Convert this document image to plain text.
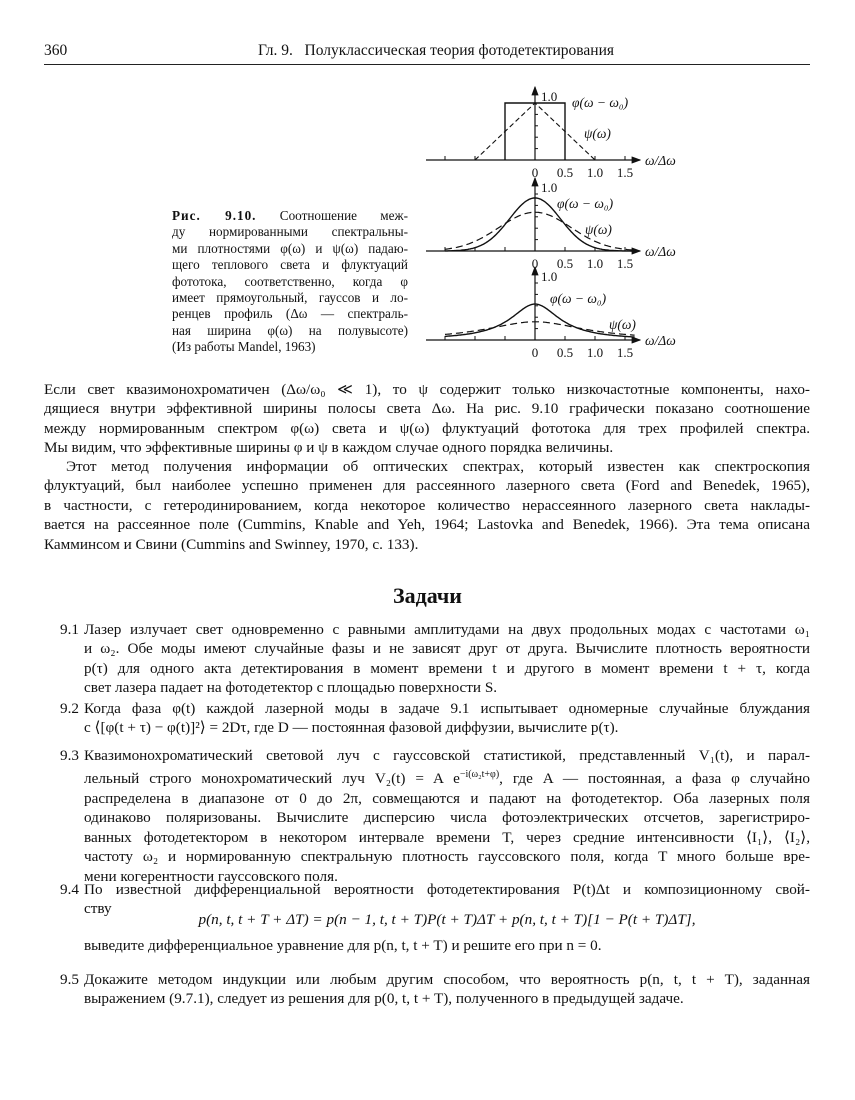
360	Гл. 9.   Полуклассическая теория фотодетектирования
0 0.5 1.0 1.5
1.0
ω/Δω
φ(ω − ω₀)
ψ(ω)
0 0.5 1.0 1.5
1.0
ω/Δω
φ(ω − ω₀)
ψ(ω)
0 0.5 1.0 1.5
1.0
ω/Δω
φ(ω − ω₀)
ψ(ω)
Рис. 9.10. Соотношение меж-
ду нормированными спектральны-
ми плотностями φ(ω) и ψ(ω) падаю-
щего теплового света и флуктуаций
фототока, соответственно, когда φ
имеет прямоугольный, гауссов и ло-
ренцев профиль (Δω — спектраль-
ная ширина φ(ω) на полувысоте)
(Из работы Mandel, 1963)
Если свет квазимонохроматичен (Δω/ω₀ ≪ 1), то ψ содержит только низкочастотные компоненты, нахо-
дящиеся внутри эффективной ширины полосы света Δω. На рис. 9.10 графически показано соотношение
между нормированным спектром φ(ω) света и ψ(ω) флуктуаций фототока для трех профилей спектра.
Мы видим, что эффективные ширины φ и ψ в каждом случае одного порядка величины.
Этот метод получения информации об оптических спектрах, который известен как спектроскопия
флуктуаций, был наиболее успешно применен для рассеянного лазерного света (Ford and Benedek, 1965),
в частности, с гетеродинированием, когда некоторое количество нерассеянного лазерного света наклады-
вается на рассеянное поле (Cummins, Knable and Yeh, 1964; Lastovka and Benedek, 1966). Эта тема описана
Камминсом и Свини (Cummins and Swinney, 1970, с. 133).
Задачи
9.1 Лазер излучает свет одновременно с равными амплитудами на двух продольных модах с частотами ω₁
и ω₂. Обе моды имеют случайные фазы и не зависят друг от друга. Вычислите плотность вероятности
p(τ) для одного акта детектирования в момент времени t и другого в момент времени t + τ, когда
свет лазера падает на фотодетектор с площадью поверхности S.
9.2 Когда фаза φ(t) каждой лазерной моды в задаче 9.1 испытывает одномерные случайные блуждания
с ⟨[φ(t + τ) − φ(t)]²⟩ = 2Dτ, где D — постоянная фазовой диффузии, вычислите p(τ).
9.3 Квазимонохроматический световой луч с гауссовской статистикой, представленный V₁(t), и парал-
лельный строго монохроматический луч V₂(t) = A $e^{-i(\omega_2t+\varphi)}$, где A — постоянная, а фаза φ случайно
распределена в диапазоне от 0 до 2π, совмещаются и падают на фотодетектор. Оба лазерных поля
одинаково поляризованы. Вычислите дисперсию числа фотоэлектрических отсчетов, зарегистриро-
ванных фотодетектором в некотором интервале времени T, через средние интенсивности ⟨I₁⟩, ⟨I₂⟩,
частоту ω₂ и нормированную спектральную плотность гауссовского поля, когда T много больше вре-
мени когерентности гауссовского поля.
9.4 По известной дифференциальной вероятности фотодетектирования P(t)Δt и композиционному свой-
ству
p(n, t, t + T + ΔT) = p(n − 1, t, t + T)P(t + T)ΔT + p(n, t, t + T)[1 − P(t + T)ΔT],
выведите дифференциальное уравнение для p(n, t, t + T) и решите его при n = 0.
9.5 Докажите методом индукции или любым другим способом, что вероятность p(n, t, t + T), заданная
выражением (9.7.1), следует из решения для p(0, t, t + T), полученного в предыдущей задаче.
